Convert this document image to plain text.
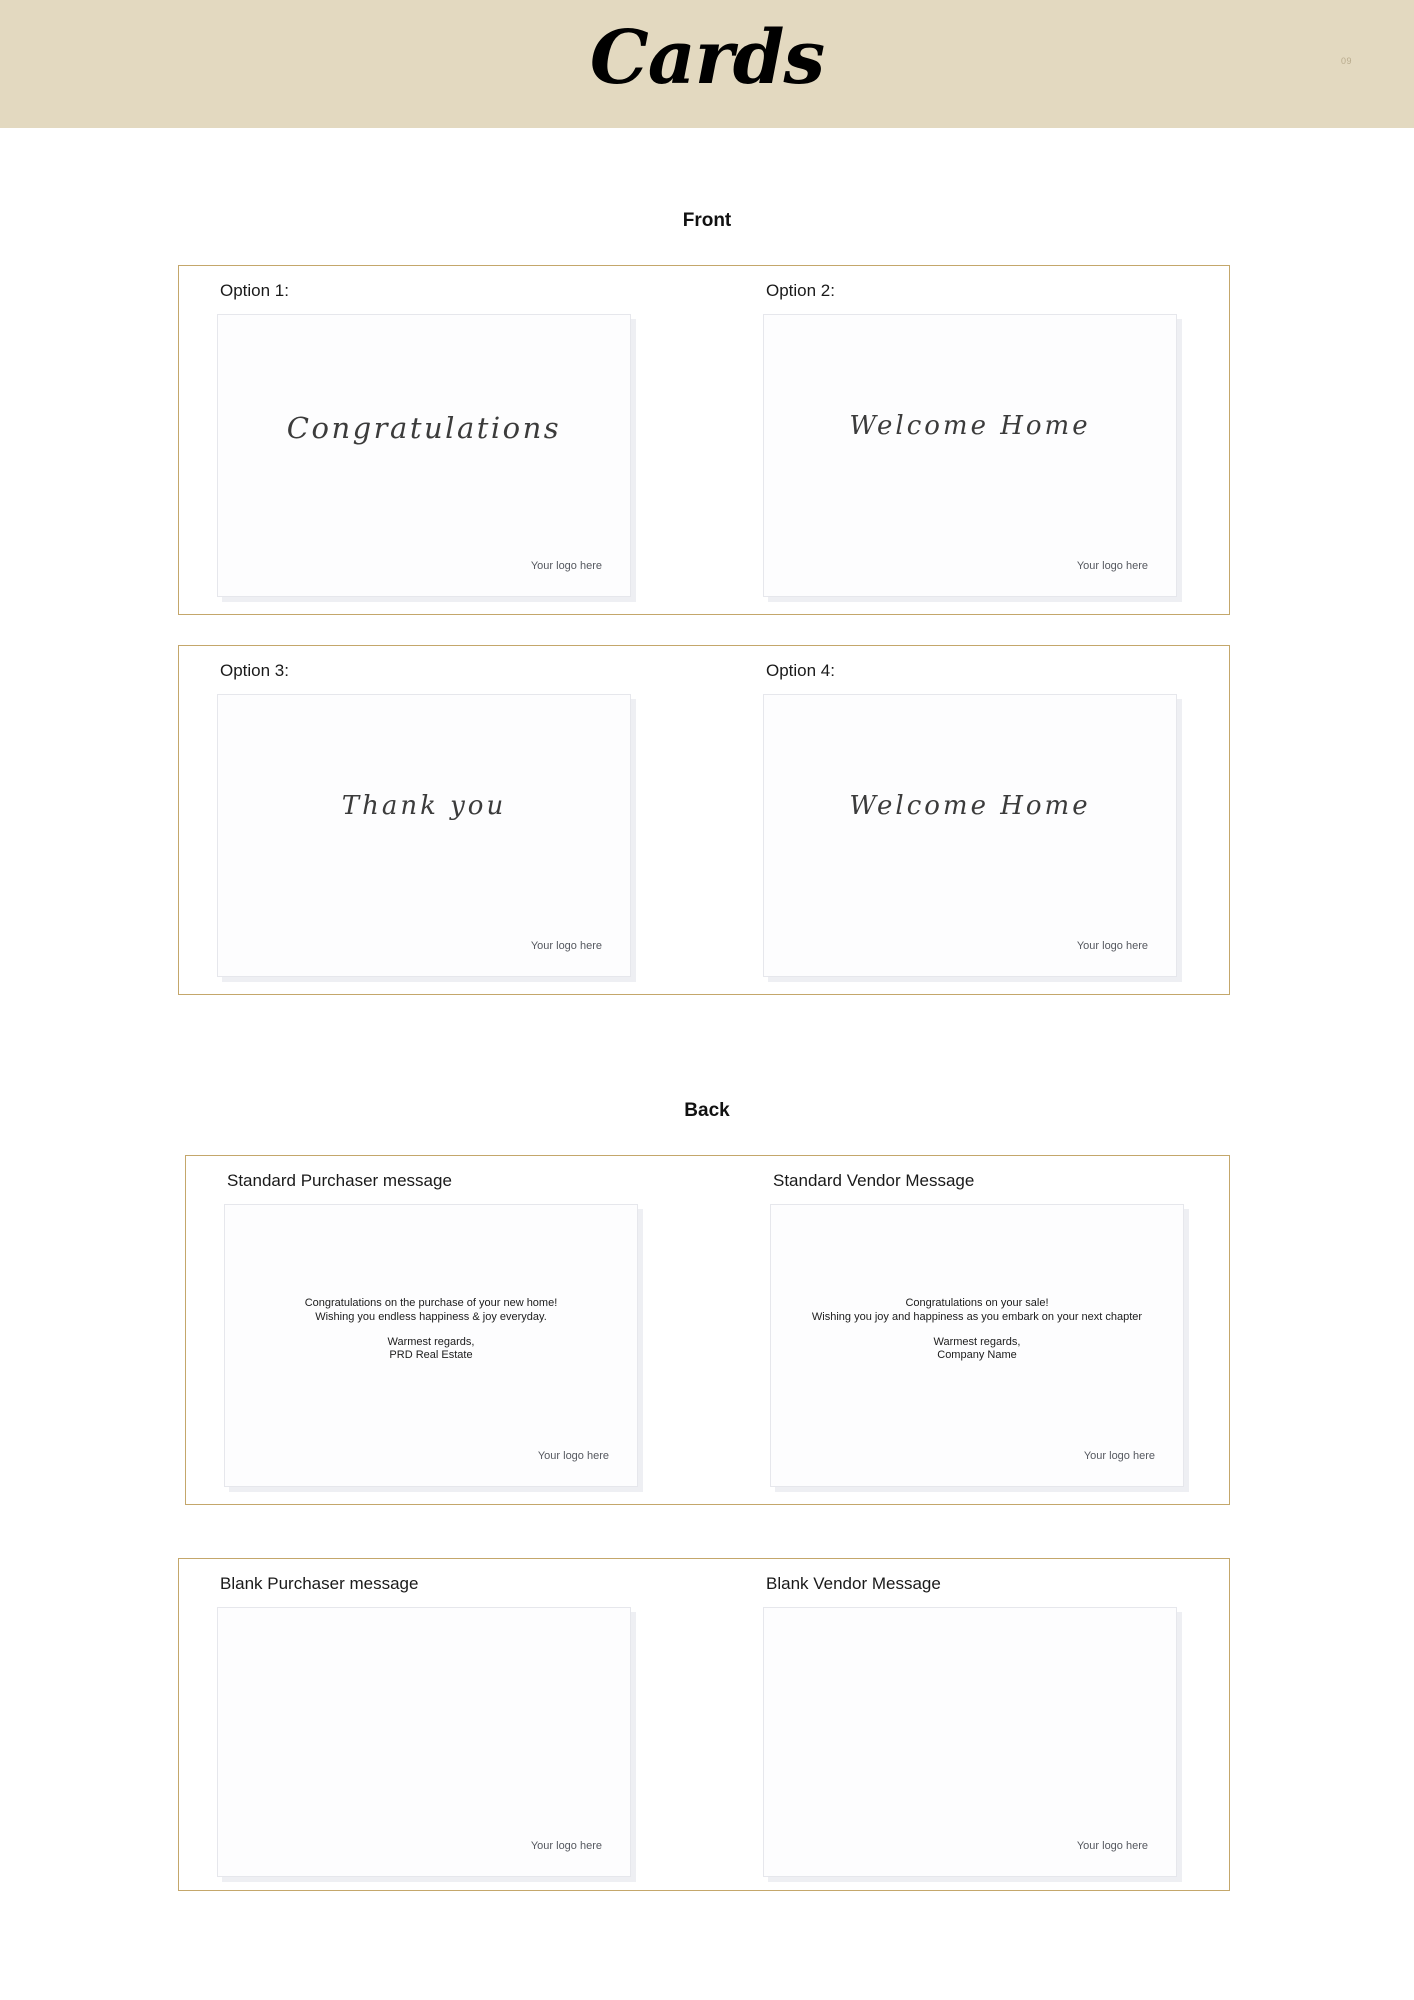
Cards	09
Front
Option 1:
Congratulations
Your logo here
Option 2:
Welcome Home
Your logo here
Option 3:
Thank you
Your logo here
Option 4:
Welcome Home
Your logo here
Back
Standard Purchaser message
Congratulations on the purchase of your new home!
Wishing you endless happiness & joy everyday.
Warmest regards,
PRD Real Estate
Your logo here
Standard Vendor Message
Congratulations on your sale!
Wishing you joy and happiness as you embark on your next chapter
Warmest regards,
Company Name
Your logo here
Blank Purchaser message
Your logo here
Blank Vendor Message
Your logo here
